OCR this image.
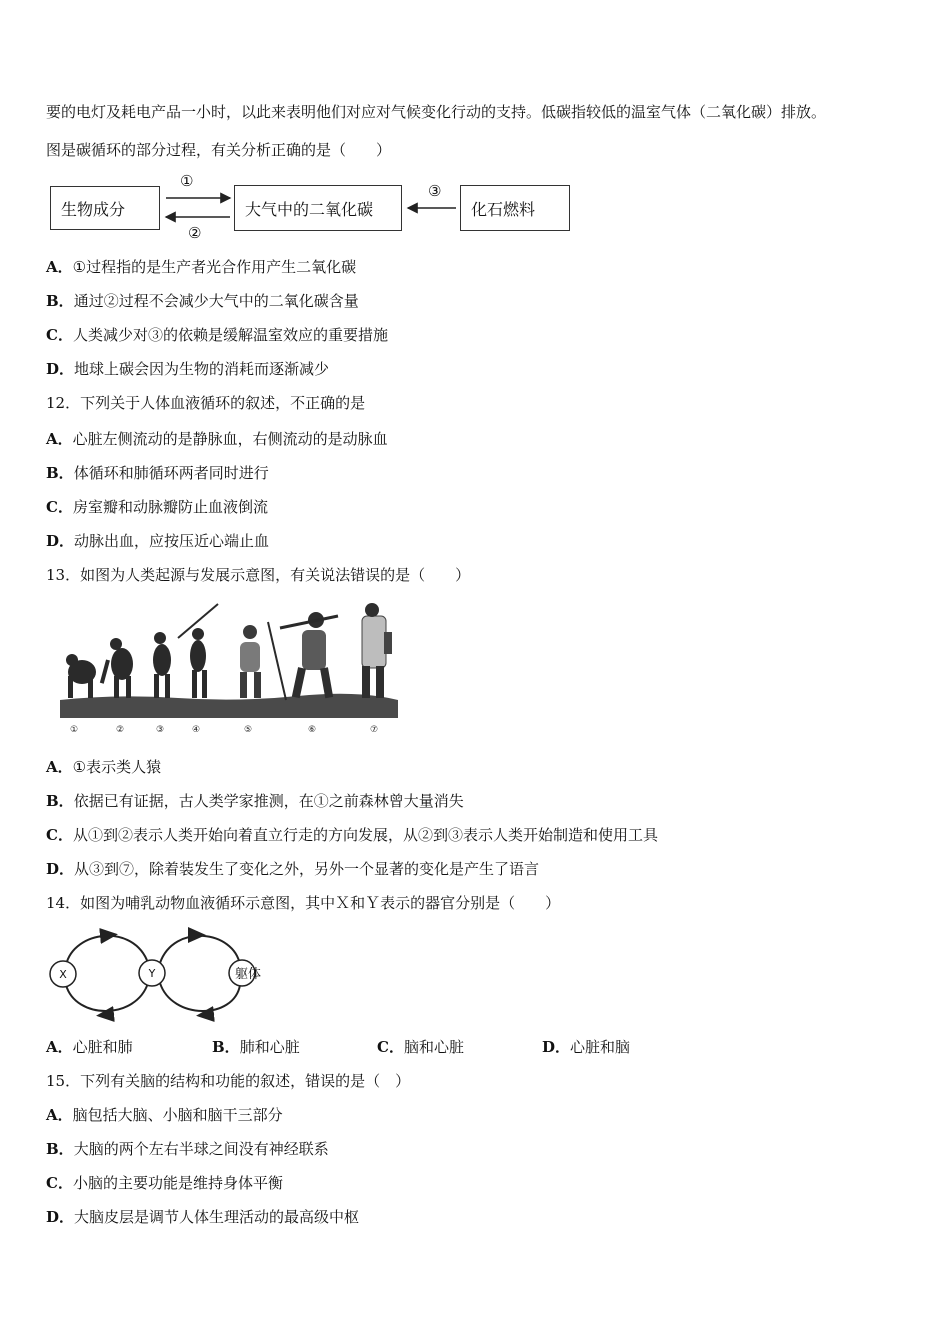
要的电灯及耗电产品一小时，以此来表明他们对应对气候变化行动的支持。低碳指较低的温室气体（二氧化碳）排放。
图是碳循环的部分过程，有关分析正确的是（　　）
生物成分	大气中的二氧化碳	化石燃料
①
②
③
A．①过程指的是生产者光合作用产生二氧化碳
B．通过②过程不会减少大气中的二氧化碳含量
C．人类减少对③的依赖是缓解温室效应的重要措施
D．地球上碳会因为生物的消耗而逐渐减少
12．下列关于人体血液循环的叙述，不正确的是
A．心脏左侧流动的是静脉血，右侧流动的是动脉血
B．体循环和肺循环两者同时进行
C．房室瓣和动脉瓣防止血液倒流
D．动脉出血，应按压近心端止血
13．如图为人类起源与发展示意图，有关说法错误的是（　　）
①	②	③	④	⑤	⑥	⑦
A．①表示类人猿
B．依据已有证据，古人类学家推测，在①之前森林曾大量消失
C．从①到②表示人类开始向着直立行走的方向发展，从②到③表示人类开始制造和使用工具
D．从③到⑦，除着装发生了变化之外，另外一个显著的变化是产生了语言
14．如图为哺乳动物血液循环示意图，其中Ｘ和Ｙ表示的器官分别是（　　）
X	Y	躯体
A．心脏和肺	B．肺和心脏	C．脑和心脏	D．心脏和脑
15．下列有关脑的结构和功能的叙述，错误的是（　）
A．脑包括大脑、小脑和脑干三部分
B．大脑的两个左右半球之间没有神经联系
C．小脑的主要功能是维持身体平衡
D．大脑皮层是调节人体生理活动的最高级中枢
